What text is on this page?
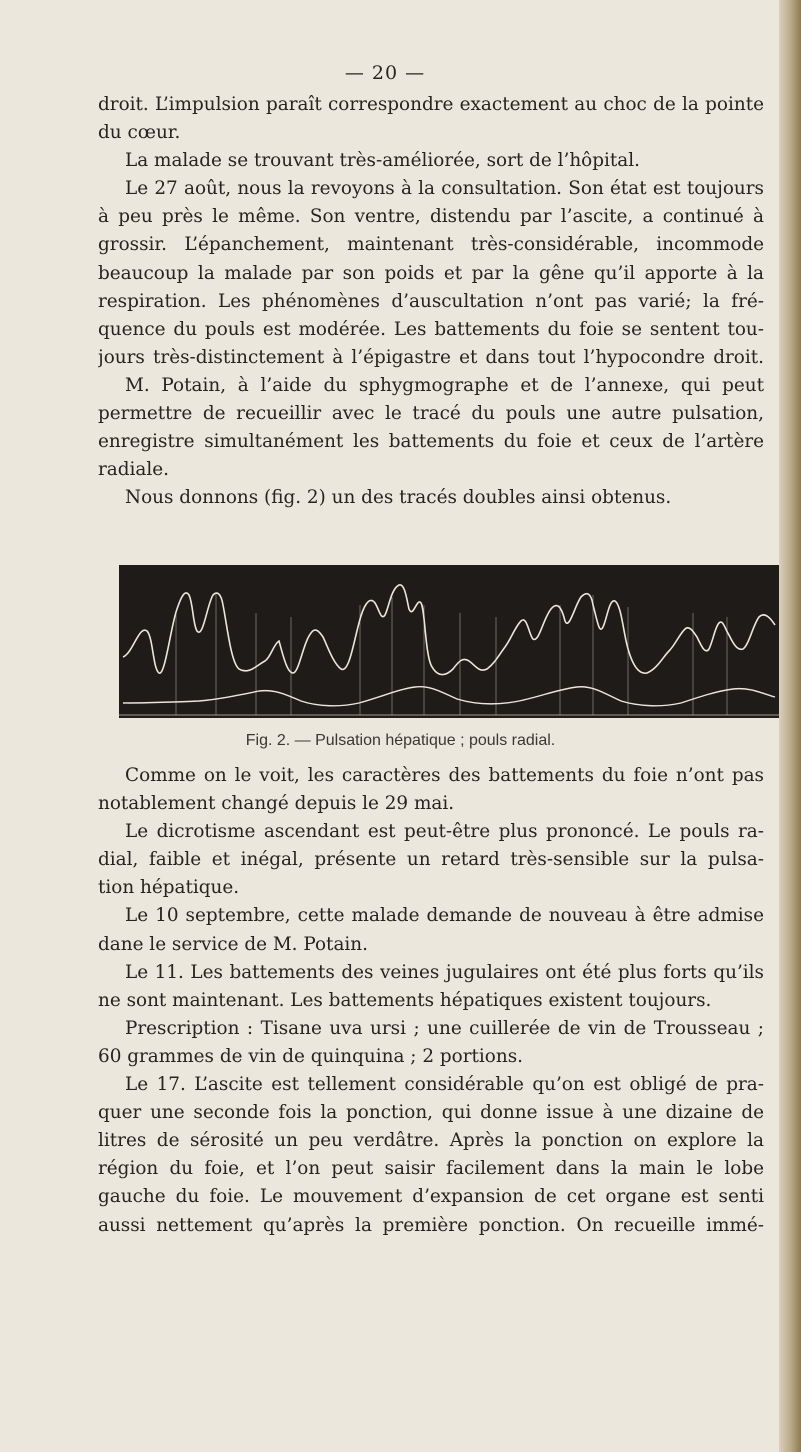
— 20 —
droit. L’impulsion paraît correspondre exactement au choc de la pointe
du cœur.
La malade se trouvant très-améliorée, sort de l’hôpital.
Le 27 août, nous la revoyons à la consultation. Son état est toujours
à peu près le même. Son ventre, distendu par l’ascite, a continué à
grossir. L’épanchement, maintenant très-considérable, incommode
beaucoup la malade par son poids et par la gêne qu’il apporte à la
respiration. Les phénomènes d’auscultation n’ont pas varié; la fré-
quence du pouls est modérée. Les battements du foie se sentent tou-
jours très-distinctement à l’épigastre et dans tout l’hypocondre droit.
M. Potain, à l’aide du sphygmographe et de l’annexe, qui peut
permettre de recueillir avec le tracé du pouls une autre pulsation,
enregistre simultanément les battements du foie et ceux de l’artère
radiale.
Nous donnons (fig. 2) un des tracés doubles ainsi obtenus.
Fig. 2. — Pulsation hépatique ; pouls radial.
Comme on le voit, les caractères des battements du foie n’ont pas
notablement changé depuis le 29 mai.
Le dicrotisme ascendant est peut-être plus prononcé. Le pouls ra-
dial, faible et inégal, présente un retard très-sensible sur la pulsa-
tion hépatique.
Le 10 septembre, cette malade demande de nouveau à être admise
dane le service de M. Potain.
Le 11. Les battements des veines jugulaires ont été plus forts qu’ils
ne sont maintenant. Les battements hépatiques existent toujours.
Prescription : Tisane uva ursi ; une cuillerée de vin de Trousseau ;
60 grammes de vin de quinquina ; 2 portions.
Le 17. L’ascite est tellement considérable qu’on est obligé de pra-
quer une seconde fois la ponction, qui donne issue à une dizaine de
litres de sérosité un peu verdâtre. Après la ponction on explore la
région du foie, et l’on peut saisir facilement dans la main le lobe
gauche du foie. Le mouvement d’expansion de cet organe est senti
aussi nettement qu’après la première ponction. On recueille immé-
